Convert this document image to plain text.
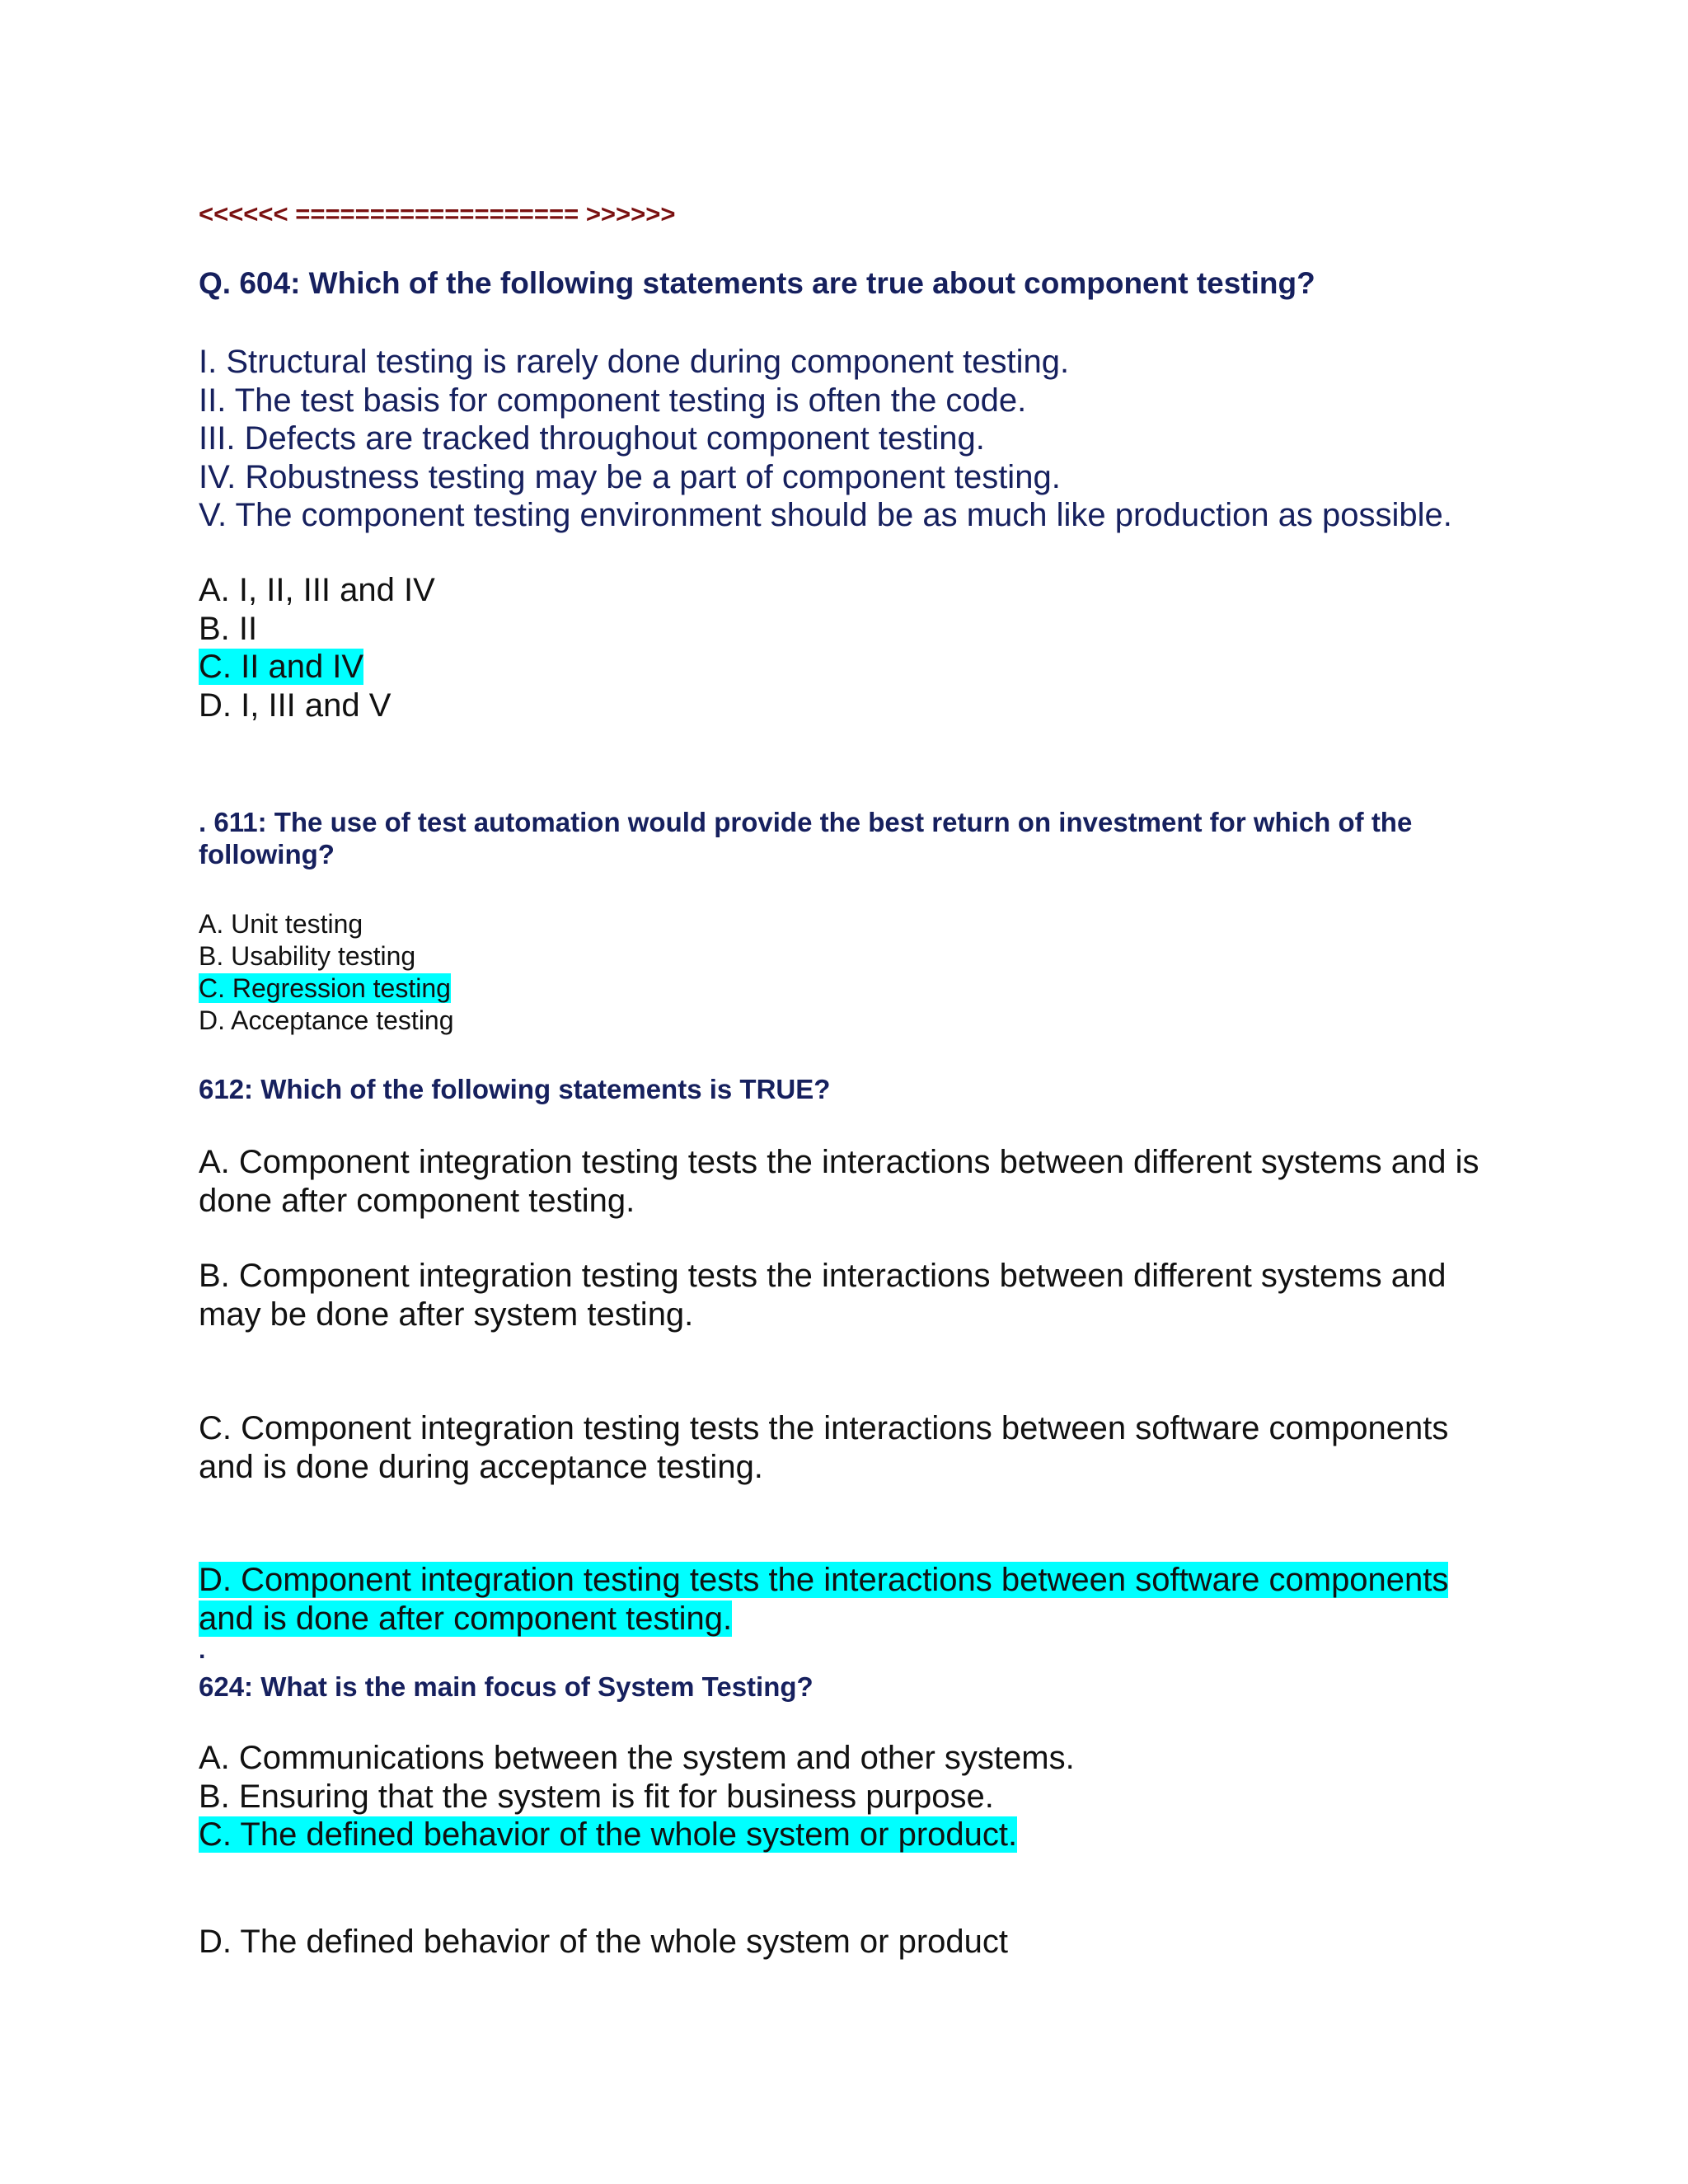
<<<<<< =================== >>>>>>
Q. 604: Which of the following statements are true about component testing?
I. Structural testing is rarely done during component testing.
II. The test basis for component testing is often the code.
III. Defects are tracked throughout component testing.
IV. Robustness testing may be a part of component testing.
V. The component testing environment should be as much like production as possible.
A. I, II, III and IV
B. II
C. II and IV
D. I, III and V
. 611: The use of test automation would provide the best return on investment for which of the
following?
A. Unit testing
B. Usability testing
C. Regression testing
D. Acceptance testing
612: Which of the following statements is TRUE?
A. Component integration testing tests the interactions between different systems and is
done after component testing.
B. Component integration testing tests the interactions between different systems and
may be done after system testing.
C. Component integration testing tests the interactions between software components
and is done during acceptance testing.
D. Component integration testing tests the interactions between software components
and is done after component testing.
.
624: What is the main focus of System Testing?
A. Communications between the system and other systems.
B. Ensuring that the system is fit for business purpose.
C. The defined behavior of the whole system or product.
D. The defined behavior of the whole system or product
